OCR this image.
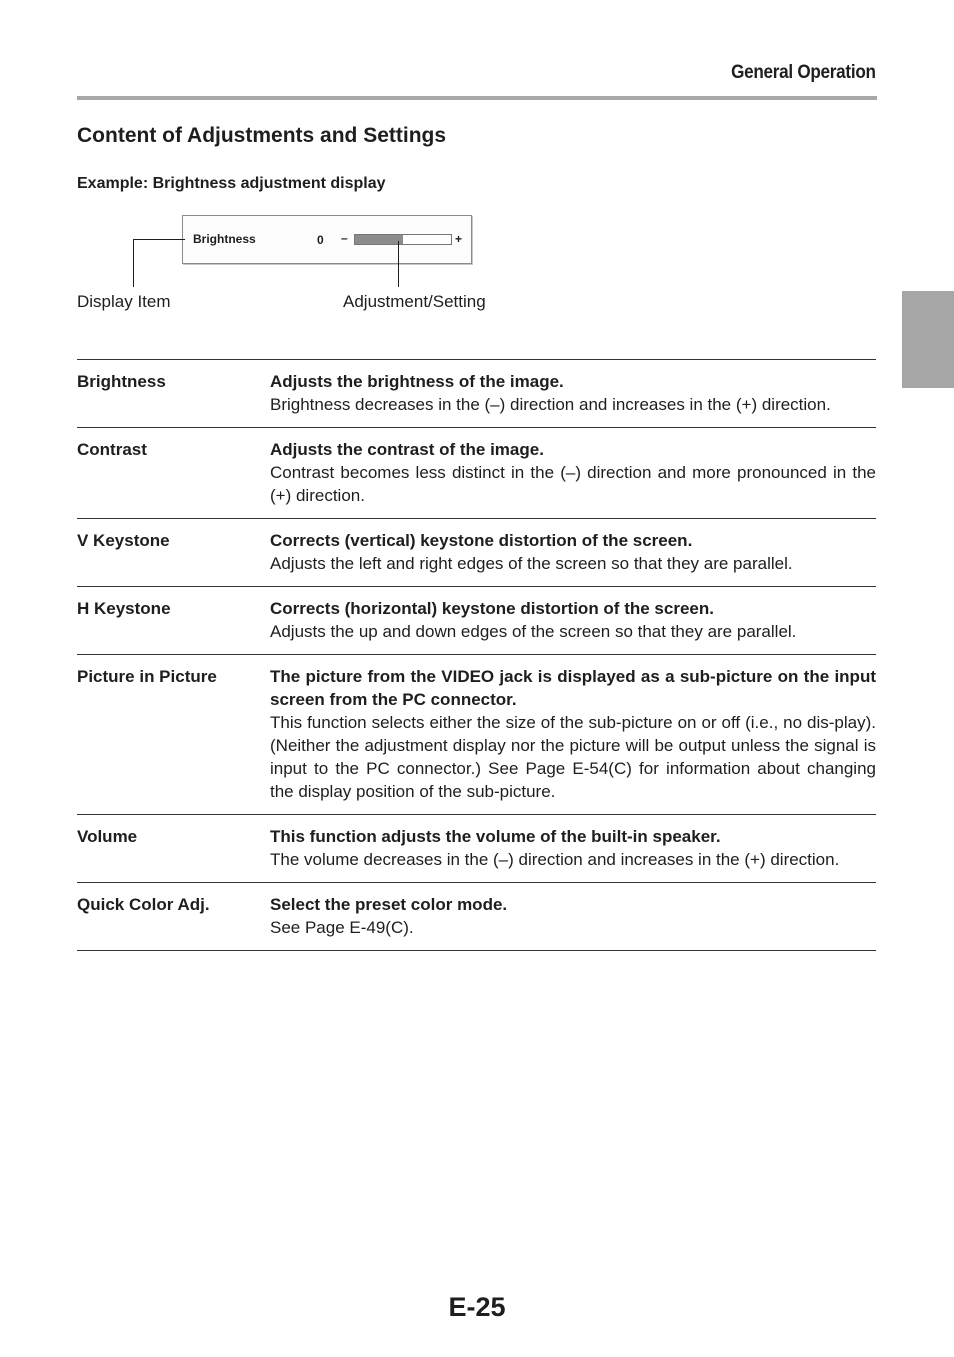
General Operation
Content of Adjustments and Settings
Example: Brightness adjustment display
Brightness	0 –	+
Display Item	Adjustment/Setting
Brightness	Adjusts the brightness of the image.
Brightness decreases in the (–) direction and increases in the (+) direction.
Contrast	Adjusts the contrast of the image.
Contrast becomes less distinct in the (–) direction and more pronounced in the (+) direction.
V Keystone	Corrects (vertical) keystone distortion of the screen.
Adjusts the left and right edges of the screen so that they are parallel.
H Keystone	Corrects (horizontal) keystone distortion of the screen.
Adjusts the up and down edges of the screen so that they are parallel.
Picture in Picture	The picture from the VIDEO jack is displayed as a sub-picture on the input screen from the PC connector.
This function selects either the size of the sub-picture on or off (i.e., no dis-play). (Neither the adjustment display nor the picture will be output unless the signal is input to the PC connector.) See Page E-54(C) for information about changing the display position of the sub-picture.
Volume	This function adjusts the volume of the built-in speaker.
The volume decreases in the (–) direction and increases in the (+) direction.
Quick Color Adj.	Select the preset color mode.
See Page E-49(C).
E-25
